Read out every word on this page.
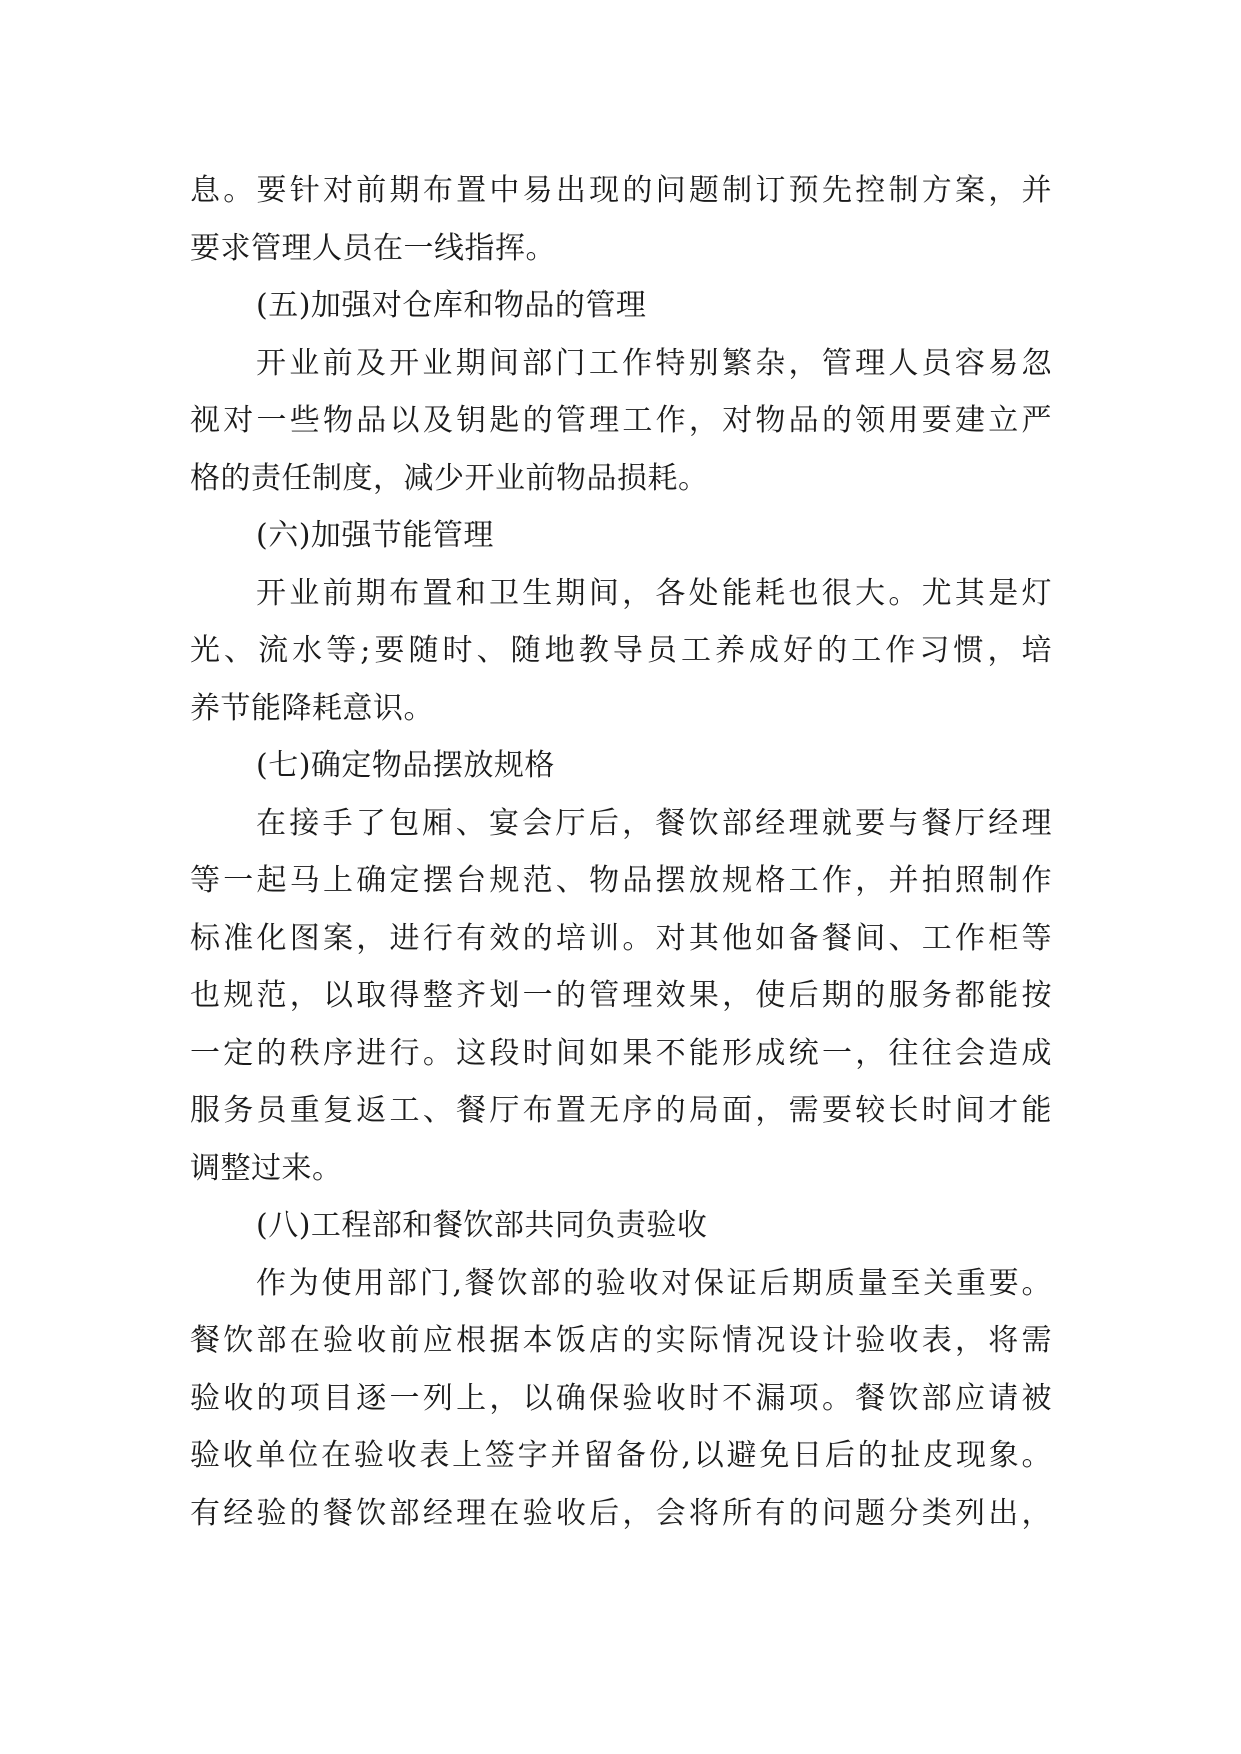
息。要针对前期布置中易出现的问题制订预先控制方案，并
要求管理人员在一线指挥。
(五)加强对仓库和物品的管理
开业前及开业期间部门工作特别繁杂，管理人员容易忽
视对一些物品以及钥匙的管理工作，对物品的领用要建立严
格的责任制度，减少开业前物品损耗。
(六)加强节能管理
开业前期布置和卫生期间，各处能耗也很大。尤其是灯
光、流水等;要随时、随地教导员工养成好的工作习惯，培
养节能降耗意识。
(七)确定物品摆放规格
在接手了包厢、宴会厅后，餐饮部经理就要与餐厅经理
等一起马上确定摆台规范、物品摆放规格工作，并拍照制作
标准化图案，进行有效的培训。对其他如备餐间、工作柜等
也规范，以取得整齐划一的管理效果，使后期的服务都能按
一定的秩序进行。这段时间如果不能形成统一，往往会造成
服务员重复返工、餐厅布置无序的局面，需要较长时间才能
调整过来。
(八)工程部和餐饮部共同负责验收
作为使用部门,餐饮部的验收对保证后期质量至关重要。
餐饮部在验收前应根据本饭店的实际情况设计验收表，将需
验收的项目逐一列上，以确保验收时不漏项。餐饮部应请被
验收单位在验收表上签字并留备份,以避免日后的扯皮现象。
有经验的餐饮部经理在验收后，会将所有的问题分类列出，
